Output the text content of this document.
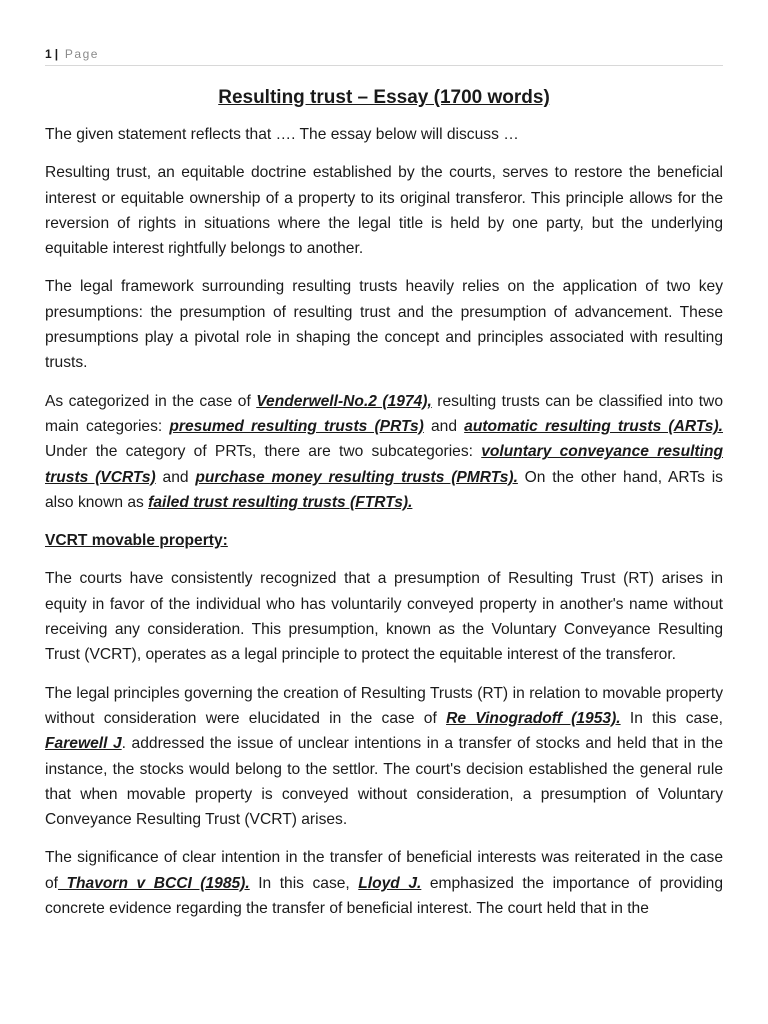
1 | Page
Resulting trust – Essay (1700 words)

The given statement reflects that …. The essay below will discuss …

Resulting trust, an equitable doctrine established by the courts, serves to restore the beneficial interest or equitable ownership of a property to its original transferor. This principle allows for the reversion of rights in situations where the legal title is held by one party, but the underlying equitable interest rightfully belongs to another.

The legal framework surrounding resulting trusts heavily relies on the application of two key presumptions: the presumption of resulting trust and the presumption of advancement. These presumptions play a pivotal role in shaping the concept and principles associated with resulting trusts.

As categorized in the case of Venderwell-No.2 (1974), resulting trusts can be classified into two main categories: presumed resulting trusts (PRTs) and automatic resulting trusts (ARTs). Under the category of PRTs, there are two subcategories: voluntary conveyance resulting trusts (VCRTs) and purchase money resulting trusts (PMRTs). On the other hand, ARTs is also known as failed trust resulting trusts (FTRTs).

VCRT movable property:

The courts have consistently recognized that a presumption of Resulting Trust (RT) arises in equity in favor of the individual who has voluntarily conveyed property in another's name without receiving any consideration. This presumption, known as the Voluntary Conveyance Resulting Trust (VCRT), operates as a legal principle to protect the equitable interest of the transferor.

The legal principles governing the creation of Resulting Trusts (RT) in relation to movable property without consideration were elucidated in the case of Re Vinogradoff (1953). In this case, Farewell J. addressed the issue of unclear intentions in a transfer of stocks and held that in the instance, the stocks would belong to the settlor. The court's decision established the general rule that when movable property is conveyed without consideration, a presumption of Voluntary Conveyance Resulting Trust (VCRT) arises.

The significance of clear intention in the transfer of beneficial interests was reiterated in the case of Thavorn v BCCI (1985). In this case, Lloyd J. emphasized the importance of providing concrete evidence regarding the transfer of beneficial interest. The court held that in the
